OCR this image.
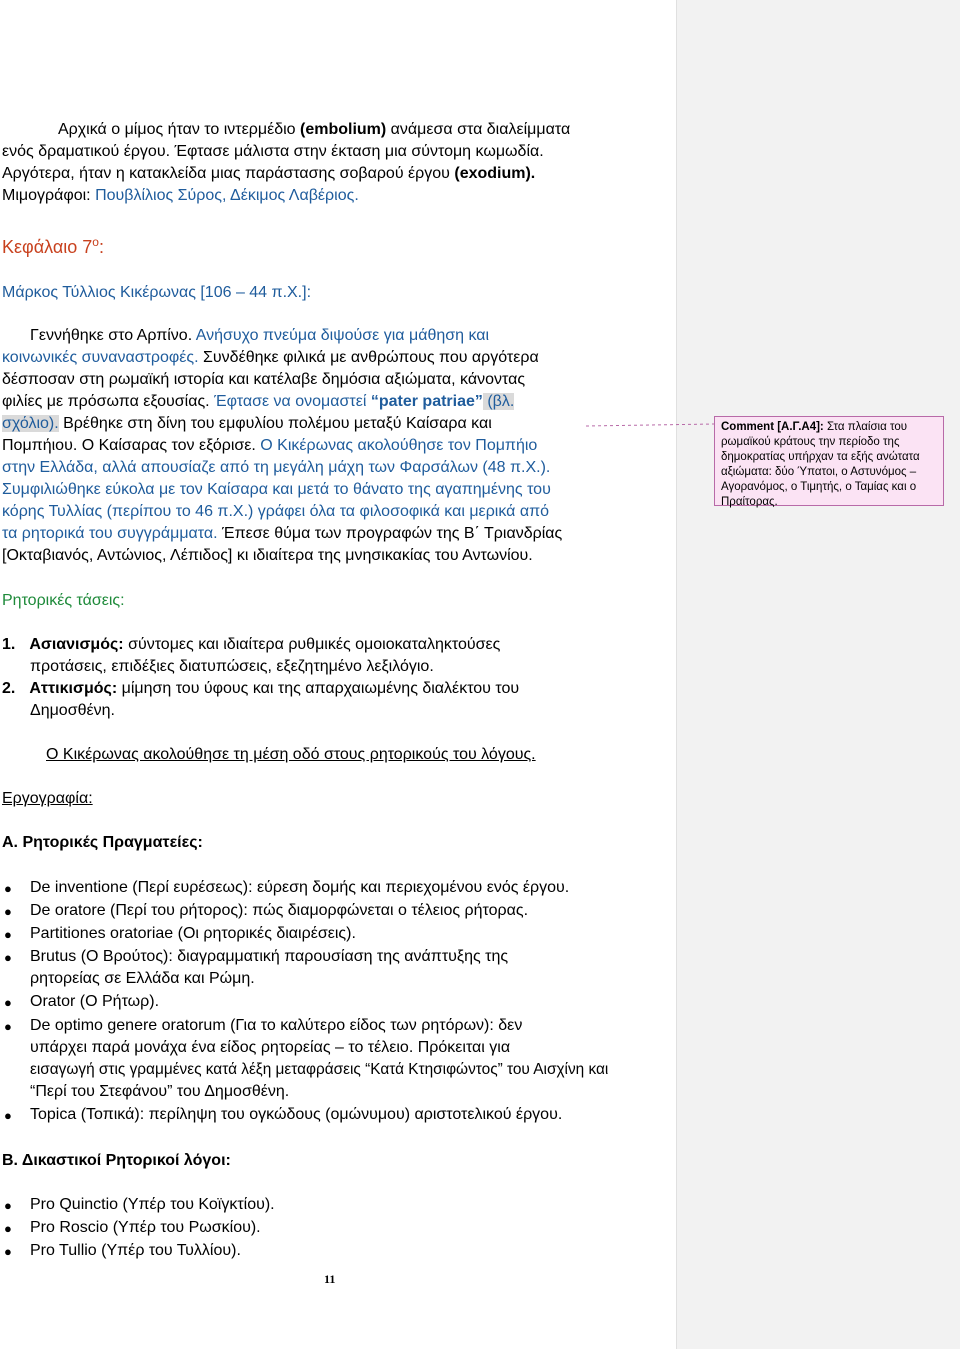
Αρχικά ο μίμος ήταν το ιντερμέδιο (embolium) ανάμεσα στα διαλείμματα
ενός δραματικού έργου. Έφτασε μάλιστα στην έκταση μια σύντομη κωμωδία.
Αργότερα, ήταν η κατακλείδα μιας παράστασης σοβαρού έργου (exodium).
Μιμογράφοι: Πουβλίλιος Σύρος, Δέκιμος Λαβέριος.
Κεφάλαιο $7^o$:
Μάρκος Τύλλιος Κικέρωνας [106 – 44 π.Χ.]:
Γεννήθηκε στο Αρπίνο. Ανήσυχο πνεύμα διψούσε για μάθηση και
κοινωνικές συναναστροφές. Συνδέθηκε φιλικά με ανθρώπους που αργότερα
δέσποσαν στη ρωμαϊκή ιστορία και κατέλαβε δημόσια αξιώματα, κάνοντας
φιλίες με πρόσωπα εξουσίας. Έφτασε να ονομαστεί “pater patriae” (βλ.
σχόλιο). Βρέθηκε στη δίνη του εμφυλίου πολέμου μεταξύ Καίσαρα και
Πομπήιου. Ο Καίσαρας τον εξόρισε. Ο Κικέρωνας ακολούθησε τον Πομπήιο
στην Ελλάδα, αλλά απουσίαζε από τη μεγάλη μάχη των Φαρσάλων (48 π.Χ.).
Συμφιλιώθηκε εύκολα με τον Καίσαρα και μετά το θάνατο της αγαπημένης του
κόρης Τυλλίας (περίπου το 46 π.Χ.) γράφει όλα τα φιλοσοφικά και μερικά από
τα ρητορικά του συγγράμματα. Έπεσε θύμα των προγραφών της Β΄ Τριανδρίας
[Οκταβιανός, Αντώνιος, Λέπιδος] κι ιδιαίτερα της μνησικακίας του Αντωνίου.
Ρητορικές τάσεις:
1. Ασιανισμός: σύντομες και ιδιαίτερα ρυθμικές ομοιοκαταληκτούσες
προτάσεις, επιδέξιες διατυπώσεις, εξεζητημένο λεξιλόγιο.
2. Αττικισμός: μίμηση του ύφους και της απαρχαιωμένης διαλέκτου του
Δημοσθένη.
Ο Κικέρωνας ακολούθησε τη μέση οδό στους ρητορικούς του λόγους.
Εργογραφία:
Α. Ρητορικές Πραγματείες:
● De inventione (Περί ευρέσεως): εύρεση δομής και περιεχομένου ενός έργου.
● De oratore (Περί του ρήτορος): πώς διαμορφώνεται ο τέλειος ρήτορας.
● Partitiones oratoriae (Οι ρητορικές διαιρέσεις).
● Brutus (Ο Βρούτος): διαγραμματική παρουσίαση της ανάπτυξης της
ρητορείας σε Ελλάδα και Ρώμη.
● Orator (Ο Ρήτωρ).
● De optimo genere oratorum (Για το καλύτερο είδος των ρητόρων): δεν
υπάρχει παρά μονάχα ένα είδος ρητορείας – το τέλειο. Πρόκειται για
εισαγωγή στις γραμμένες κατά λέξη μεταφράσεις “Κατά Κτησιφώντος” του Αισχίνη και
“Περί του Στεφάνου” του Δημοσθένη.
● Topica (Τοπικά): περίληψη του ογκώδους (ομώνυμου) αριστοτελικού έργου.
Β. Δικαστικοί Ρητορικοί λόγοι:
● Pro Quinctio (Υπέρ του Κοϊγκτίου).
● Pro Roscio (Υπέρ του Ρωσκίου).
● Pro Tullio (Υπέρ του Τυλλίου).
11
Comment [Α.Γ.Α4]: Στα πλαίσια του
ρωμαϊκού κράτους την περίοδο της
δημοκρατίας υπήρχαν τα εξής ανώτατα
αξιώματα: δύο Ύπατοι, ο Αστυνόμος –
Αγορανόμος, ο Τιμητής, ο Ταμίας και ο
Πραίτορας.
